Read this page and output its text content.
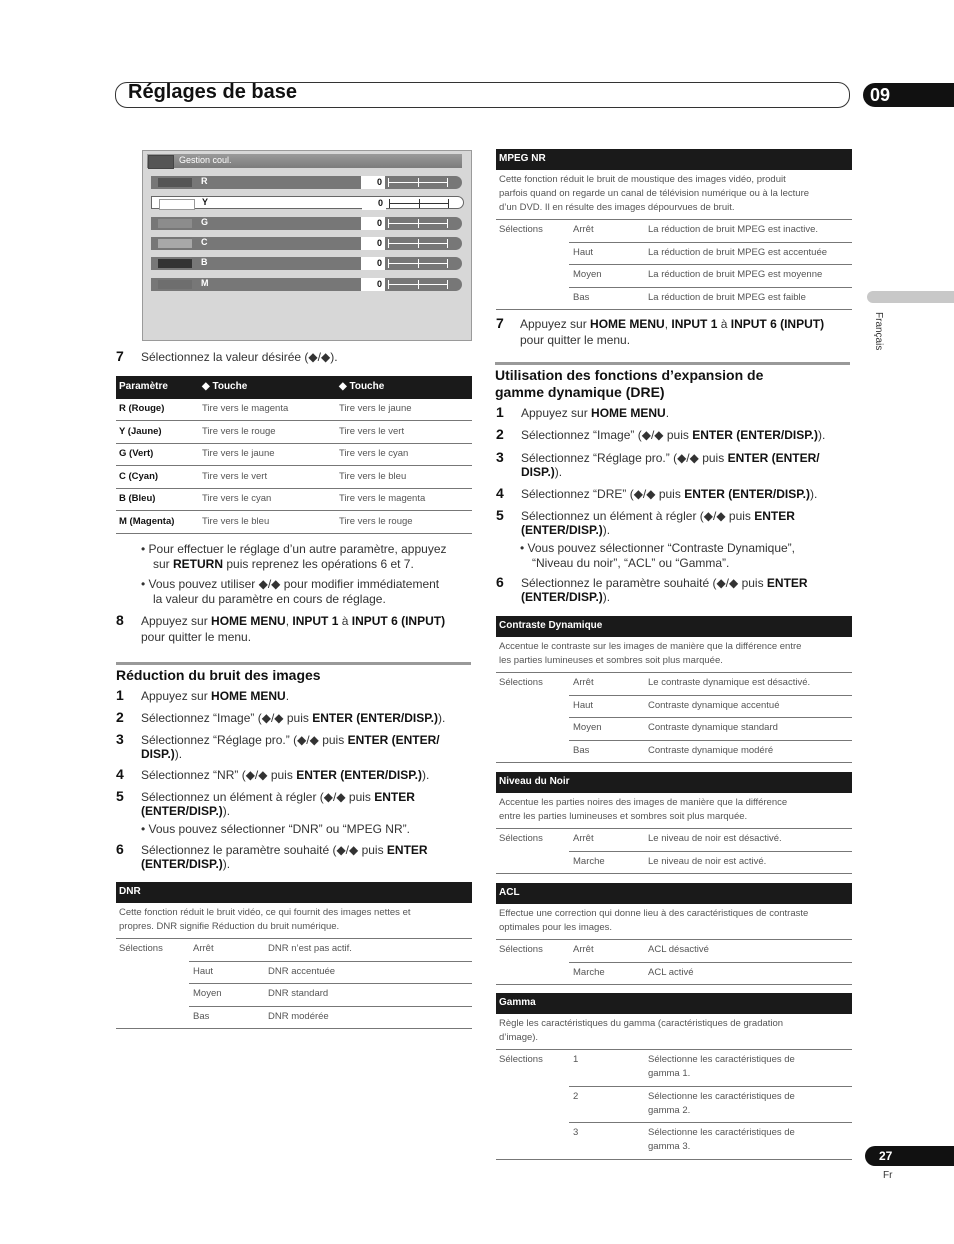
Réglages de base	09
Français
Gestion coul.
R	0
Y	0
G	0
C	0
B	0
M	0
7 Sélectionnez la valeur désirée (◆/◆).
Paramètre	◆ Touche	◆ Touche
R (Rouge)	Tire vers le magenta	Tire vers le jaune
Y (Jaune)	Tire vers le rouge	Tire vers le vert
G (Vert)	Tire vers le jaune	Tire vers le cyan
C (Cyan)	Tire vers le vert	Tire vers le bleu
B (Bleu)	Tire vers le cyan	Tire vers le magenta
M (Magenta)	Tire vers le bleu	Tire vers le rouge
• Pour effectuer le réglage d’un autre paramètre, appuyez
sur RETURN puis reprenez les opérations 6 et 7.
• Vous pouvez utiliser ◆/◆ pour modifier immédiatement
la valeur du paramètre en cours de réglage.
8 Appuyez sur HOME MENU, INPUT 1 à INPUT 6 (INPUT)
pour quitter le menu.
Réduction du bruit des images
1 Appuyez sur HOME MENU.
2 Sélectionnez “Image” (◆/◆ puis ENTER (ENTER/DISP.)).
3 Sélectionnez “Réglage pro.” (◆/◆ puis ENTER (ENTER/
DISP.)).
4 Sélectionnez “NR” (◆/◆ puis ENTER (ENTER/DISP.)).
5 Sélectionnez un élément à régler (◆/◆ puis ENTER
(ENTER/DISP.)).
6 Sélectionnez le paramètre souhaité (◆/◆ puis ENTER
(ENTER/DISP.)).
• Vous pouvez sélectionner “DNR” ou “MPEG NR”.
DNR
Cette fonction réduit le bruit vidéo, ce qui fournit des images nettes et
propres. DNR signifie Réduction du bruit numérique.
Sélections	Arrêt	DNR n’est pas actif.
Haut	DNR accentuée
Moyen	DNR standard
Bas	DNR modérée
MPEG NR
Cette fonction réduit le bruit de moustique des images vidéo, produit
parfois quand on regarde un canal de télévision numérique ou à la lecture
d’un DVD. Il en résulte des images dépourvues de bruit.
Sélections	Arrêt	La réduction de bruit MPEG est inactive.
Haut	La réduction de bruit MPEG est accentuée
Moyen	La réduction de bruit MPEG est moyenne
Bas	La réduction de bruit MPEG est faible
7 Appuyez sur HOME MENU, INPUT 1 à INPUT 6 (INPUT)
pour quitter le menu.
Utilisation des fonctions d’expansion de
gamme dynamique (DRE)
1 Appuyez sur HOME MENU.
2 Sélectionnez “Image” (◆/◆ puis ENTER (ENTER/DISP.)).
3 Sélectionnez “Réglage pro.” (◆/◆ puis ENTER (ENTER/
DISP.)).
4 Sélectionnez “DRE” (◆/◆ puis ENTER (ENTER/DISP.)).
5 Sélectionnez un élément à régler (◆/◆ puis ENTER
(ENTER/DISP.)).
6 Sélectionnez le paramètre souhaité (◆/◆ puis ENTER
(ENTER/DISP.)).
• Vous pouvez sélectionner “Contraste Dynamique”,
“Niveau du noir”, “ACL” ou “Gamma”.
Contraste Dynamique
Accentue le contraste sur les images de manière que la différence entre
les parties lumineuses et sombres soit plus marquée.
Sélections	Arrêt	Le contraste dynamique est désactivé.
Haut	Contraste dynamique accentué
Moyen	Contraste dynamique standard
Bas	Contraste dynamique modéré
Niveau du Noir
Accentue les parties noires des images de manière que la différence
entre les parties lumineuses et sombres soit plus marquée.
Sélections	Arrêt	Le niveau de noir est désactivé.
Marche	Le niveau de noir est activé.
ACL
Effectue une correction qui donne lieu à des caractéristiques de contraste
optimales pour les images.
Sélections	Arrêt	ACL désactivé
Marche	ACL activé
Gamma
Règle les caractéristiques du gamma (caractéristiques de gradation
d’image).
Sélections	1	Sélectionne les caractéristiques de
gamma 1.
2	Sélectionne les caractéristiques de
gamma 2.
3	Sélectionne les caractéristiques de
gamma 3.
27
Fr
